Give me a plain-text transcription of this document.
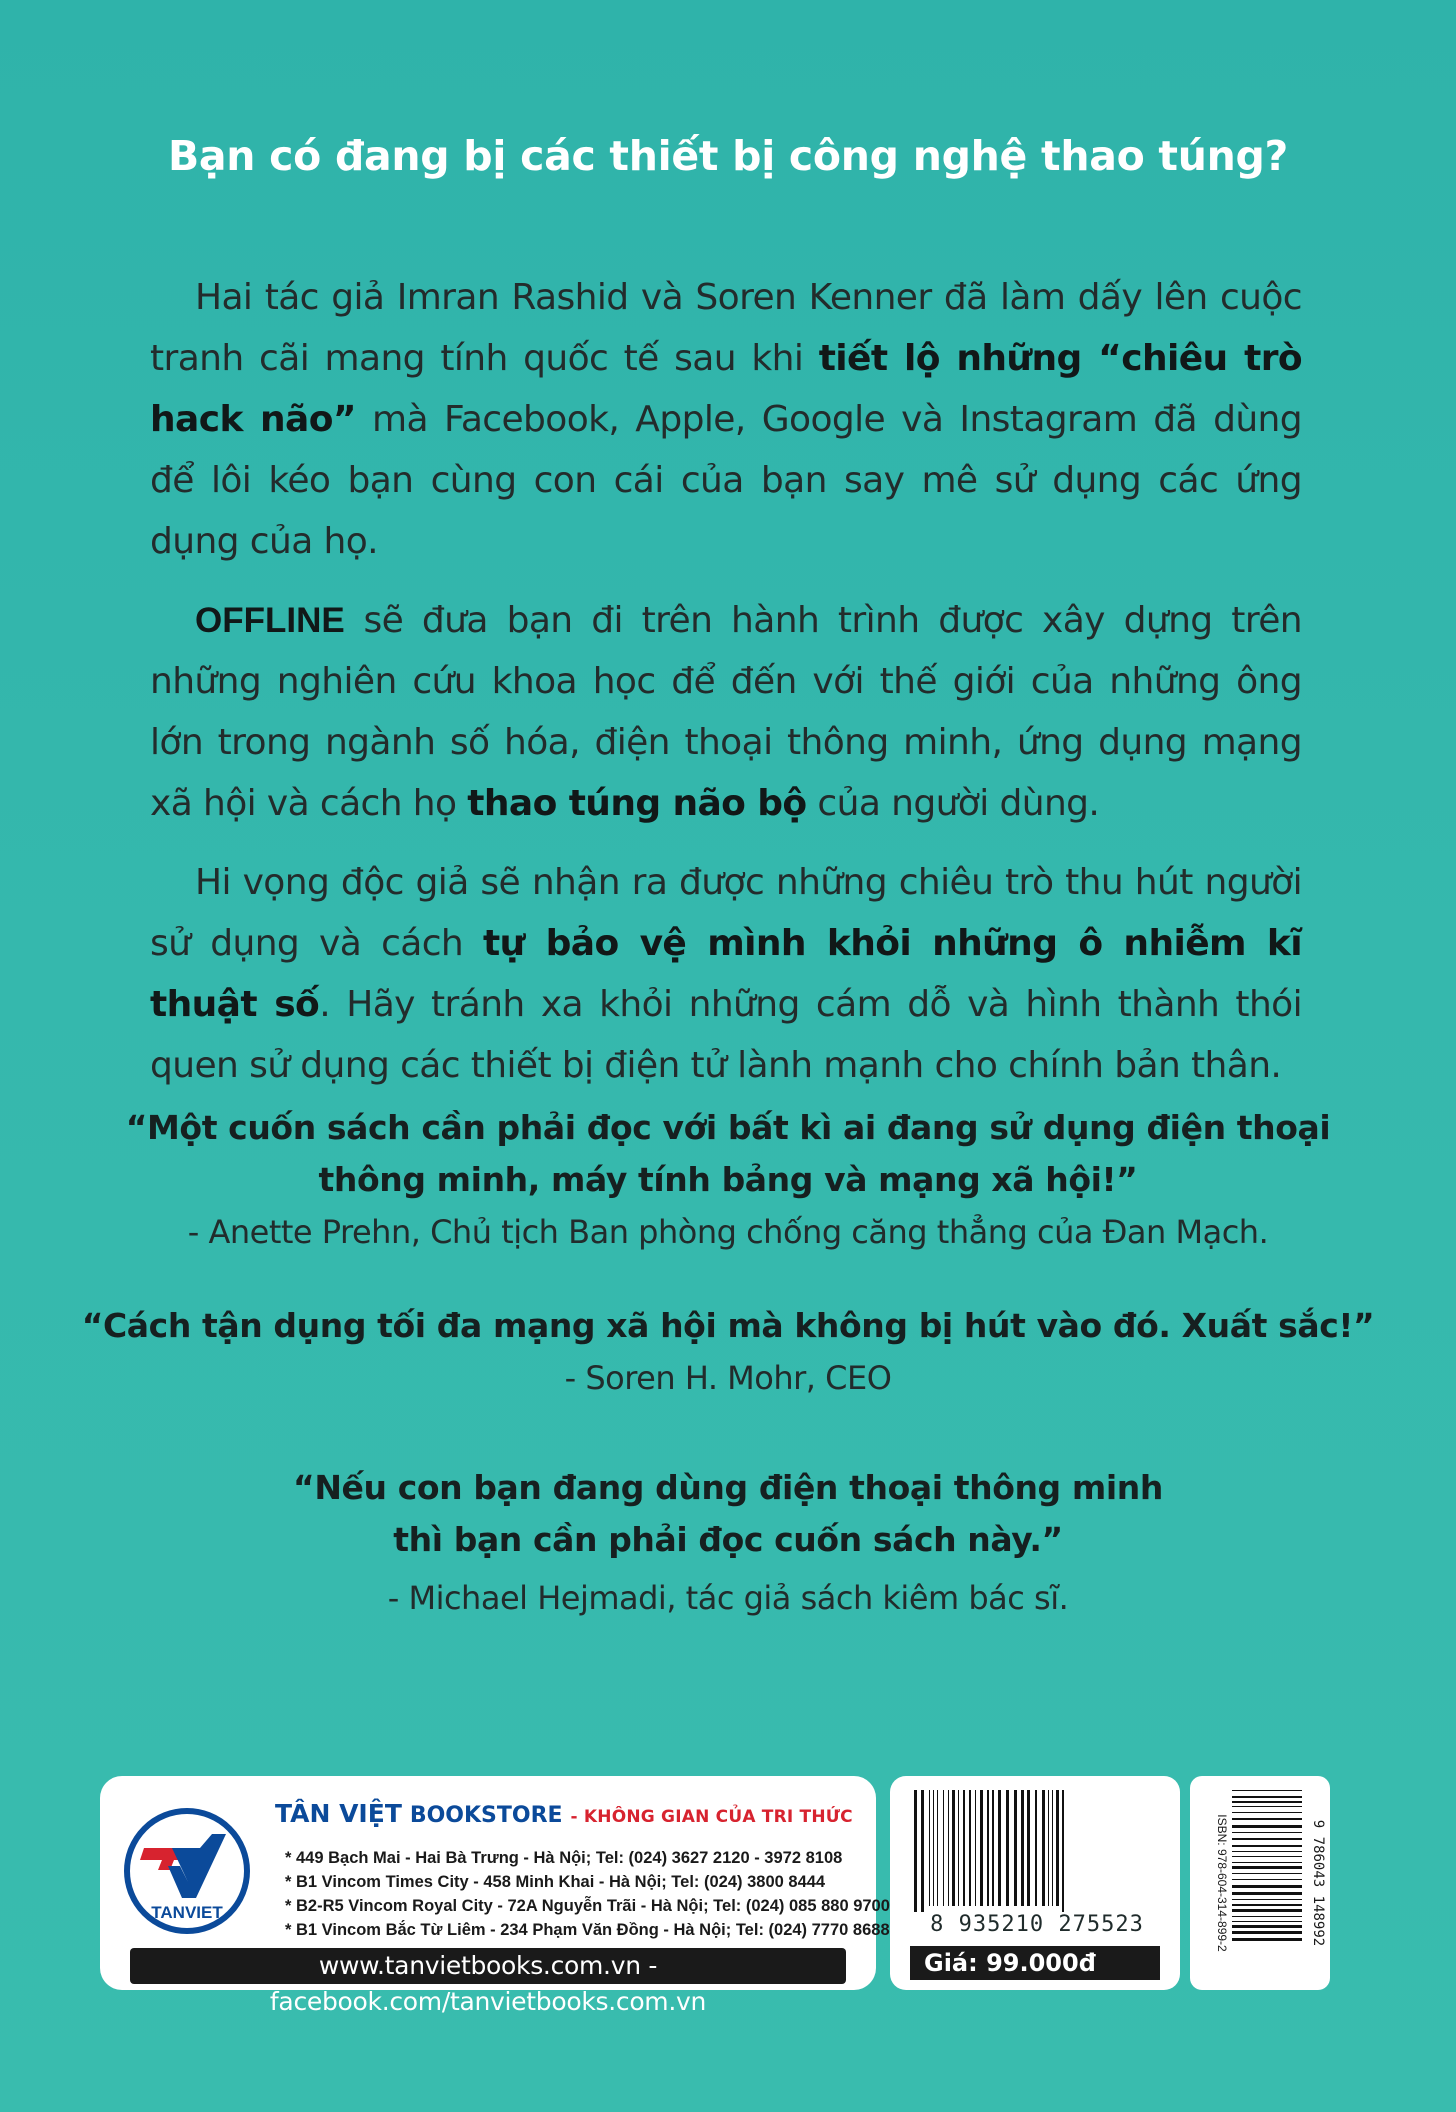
Bạn có đang bị các thiết bị công nghệ thao túng?

Hai tác giả Imran Rashid và Soren Kenner đã làm dấy lên cuộc tranh cãi mang tính quốc tế sau khi tiết lộ những “chiêu trò hack não” mà Facebook, Apple, Google và Instagram đã dùng để lôi kéo bạn cùng con cái của bạn say mê sử dụng các ứng dụng của họ.

OFFLINE sẽ đưa bạn đi trên hành trình được xây dựng trên những nghiên cứu khoa học để đến với thế giới của những ông lớn trong ngành số hóa, điện thoại thông minh, ứng dụng mạng xã hội và cách họ thao túng não bộ của người dùng.

Hi vọng độc giả sẽ nhận ra được những chiêu trò thu hút người sử dụng và cách tự bảo vệ mình khỏi những ô nhiễm kĩ thuật số. Hãy tránh xa khỏi những cám dỗ và hình thành thói quen sử dụng các thiết bị điện tử lành mạnh cho chính bản thân.

“Một cuốn sách cần phải đọc với bất kì ai đang sử dụng điện thoại
thông minh, máy tính bảng và mạng xã hội!”
- Anette Prehn, Chủ tịch Ban phòng chống căng thẳng của Đan Mạch.
“Cách tận dụng tối đa mạng xã hội mà không bị hút vào đó. Xuất sắc!”
- Soren H. Mohr, CEO
“Nếu con bạn đang dùng điện thoại thông minh
thì bạn cần phải đọc cuốn sách này.”
- Michael Hejmadi, tác giả sách kiêm bác sĩ.
TANVIET
TÂN VIỆT BOOKSTORE - KHÔNG GIAN CỦA TRI THỨC
* 449 Bạch Mai - Hai Bà Trưng - Hà Nội; Tel: (024) 3627 2120 - 3972 8108
* B1 Vincom Times City - 458 Minh Khai - Hà Nội; Tel: (024) 3800 8444
* B2-R5 Vincom Royal City - 72A Nguyễn Trãi - Hà Nội; Tel: (024) 085 880 9700
* B1 Vincom Bắc Từ Liêm - 234 Phạm Văn Đồng - Hà Nội; Tel: (024) 7770 8688
www.tanvietbooks.com.vn - facebook.com/tanvietbooks.com.vn
8 935210 275523
Giá: 99.000đ
ISBN: 978-604-314-899-2	9 786043 148992
